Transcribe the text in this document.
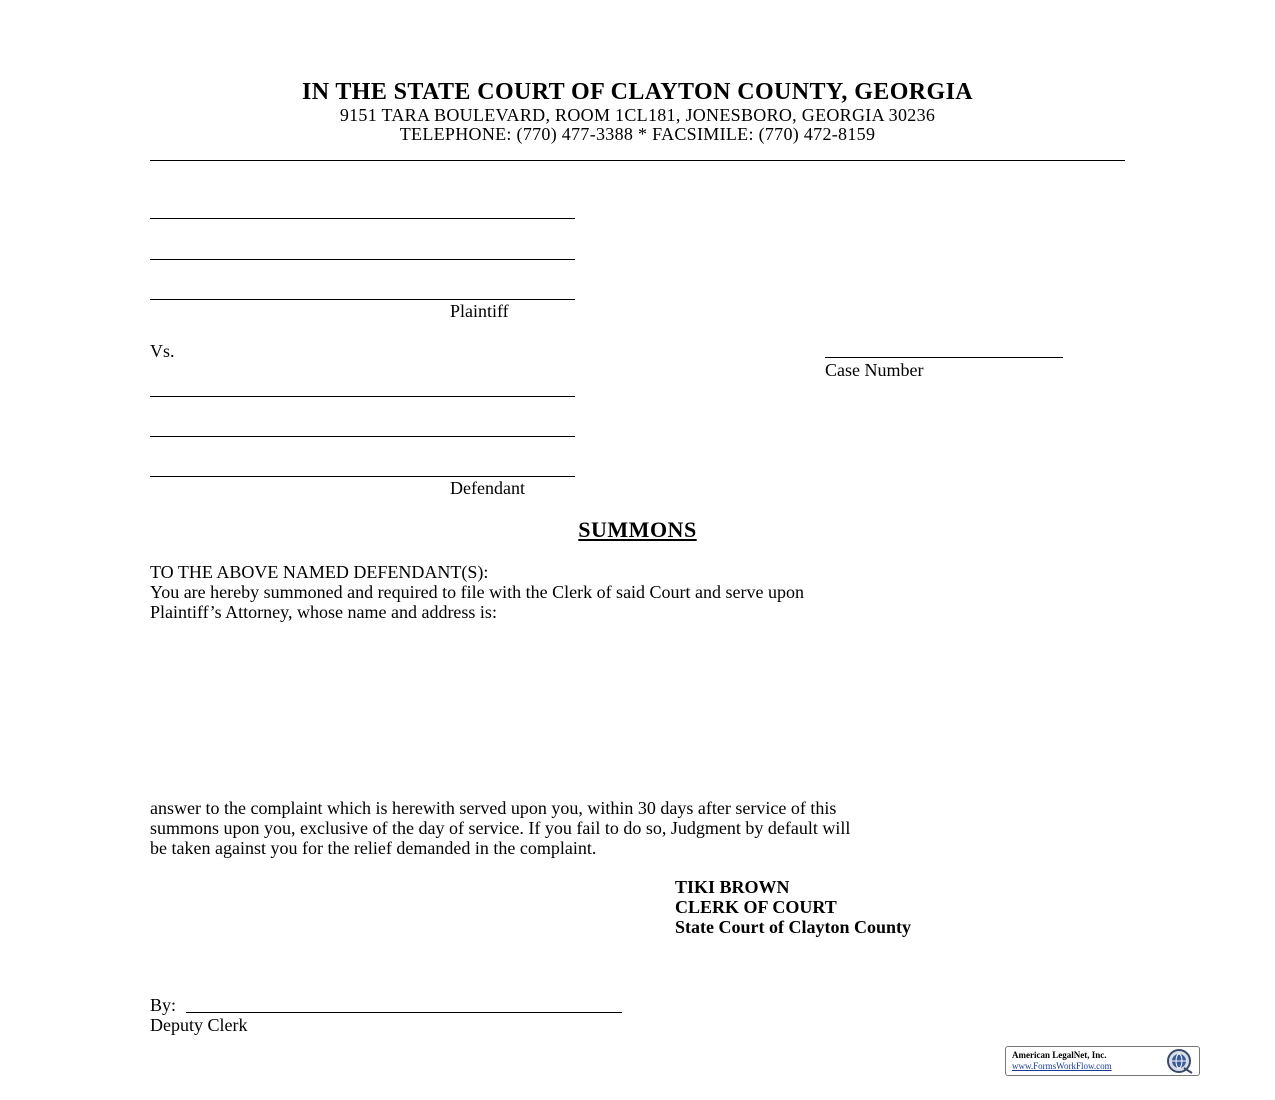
IN THE STATE COURT OF CLAYTON COUNTY, GEORGIA
9151 TARA BOULEVARD, ROOM 1CL181, JONESBORO, GEORGIA 30236
TELEPHONE: (770) 477-3388 * FACSIMILE: (770) 472-8159
Plaintiff
Vs.
Case Number
Defendant
SUMMONS
TO THE ABOVE NAMED DEFENDANT(S):
You are hereby summoned and required to file with the Clerk of said Court and serve upon
Plaintiff’s Attorney, whose name and address is:
answer to the complaint which is herewith served upon you, within 30 days after service of this
summons upon you, exclusive of the day of service. If you fail to do so, Judgment by default will
be taken against you for the relief demanded in the complaint.
TIKI BROWN
CLERK OF COURT
State Court of Clayton County
By:
Deputy Clerk
American LegalNet, Inc.
www.FormsWorkFlow.com
